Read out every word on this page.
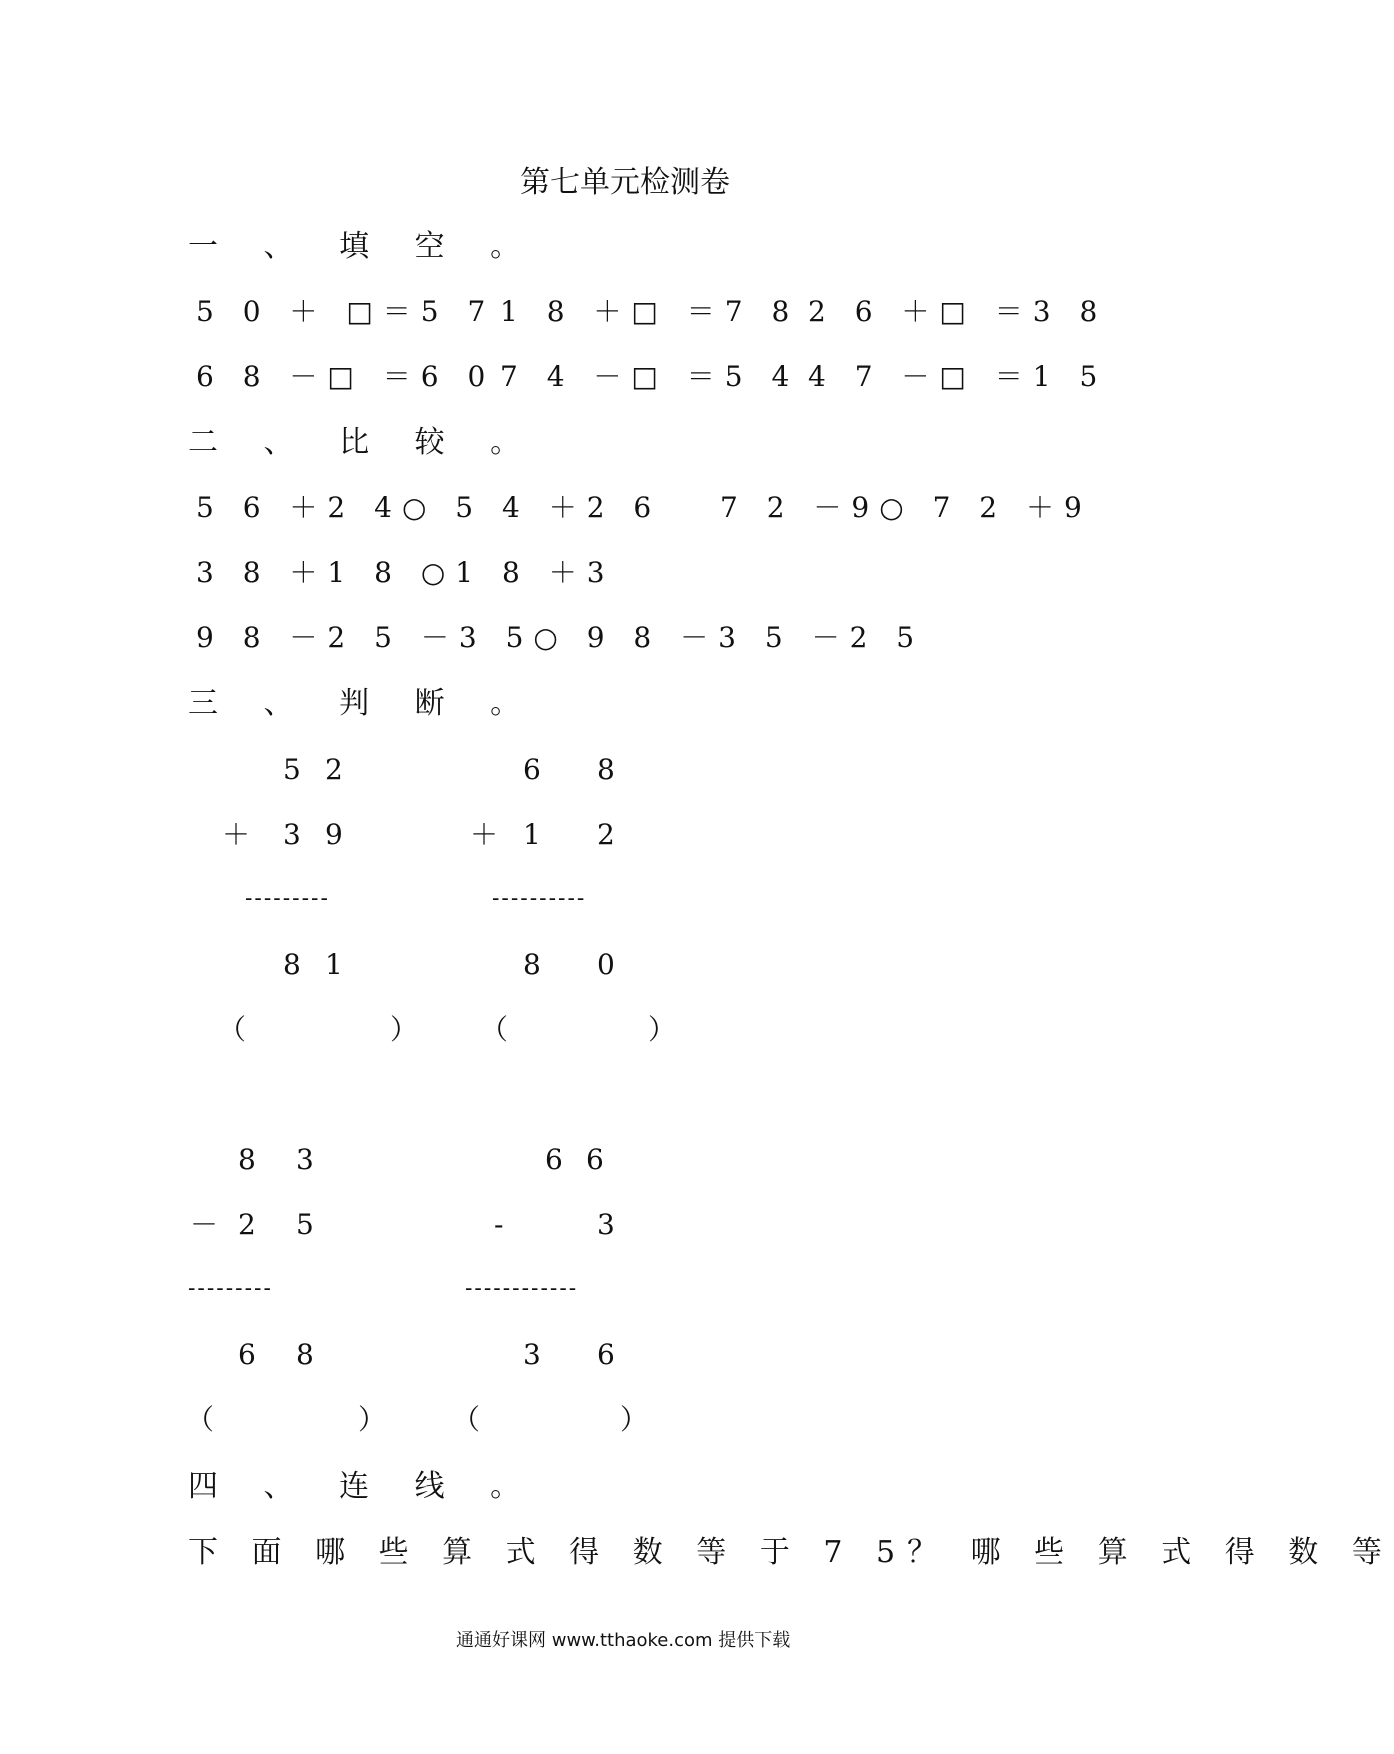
第七单元检测卷
一 、 填 空 。
5 0 ＋ □＝5 7 1 8 ＋□ ＝7 8 2 6 ＋□ ＝3 8
6 8 －□ ＝6 0 7 4 －□ ＝5 4 4 7 －□ ＝1 5
二 、 比 较 。
5 6 ＋2 4○ 5 4 ＋2 6 7 2 －9○ 7 2 ＋9
3 8 ＋1 8 ○1 8 ＋3
9 8 －2 5 －3 5○ 9 8 －3 5 －2 5
三 、 判 断 。
5 2
＋ 3 9
---------
8 1
（	）
6 8
＋ 1 2
----------
8 0
（	）
8 3
－ 2 5
---------
6 8
（	）
6 6
-	3
------------
3 6
（	）
四 、 连 线 。
下 面 哪 些 算 式 得 数 等 于 7 5？ 哪 些 算 式 得 数 等
通通好课网 www.tthaoke.com 提供下载
